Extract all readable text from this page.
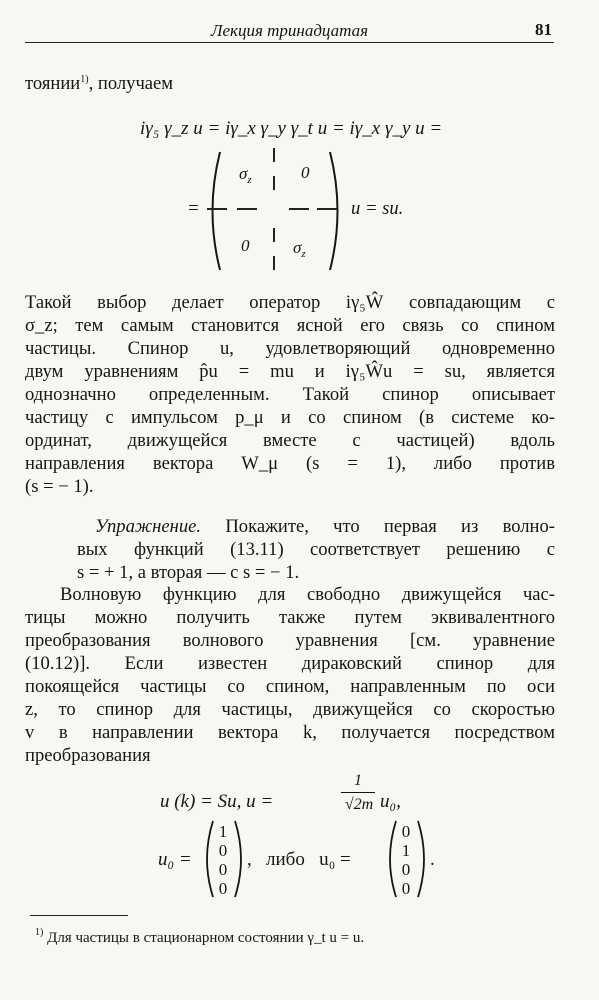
Лекция тринадцатая	81
тоянии$^{1)}$, получаем
iγ₅ γ_z u = iγ_x γ_y γ_t u = iγ_x γ_y u =
=
$\sigma_z$	0
0	$\sigma_z$
u = su.
Такой выбор делает оператор iγ₅Ŵ совпадающим с
σ_z; тем самым становится ясной его связь со спином
частицы. Спинор u, удовлетворяющий одновременно
двум уравнениям p̂u = mu и iγ₅Ŵu = su, является
однозначно определенным. Такой спинор описывает
частицу с импульсом p_μ и со спином (в системе ко-
ординат, движущейся вместе с частицей) вдоль
направления вектора W_μ (s = 1), либо против
(s = − 1).
Упражнение. Покажите, что первая из волно-
вых функций (13.11) соответствует решению с
s = + 1, а вторая — с s = − 1.
Волновую функцию для свободно движущейся час-
тицы можно получить также путем эквивалентного
преобразования волнового уравнения [см. уравнение
(10.12)]. Если известен дираковский спинор для
покоящейся частицы со спином, направленным по оси
z, то спинор для частицы, движущейся со скоростью
v в направлении вектора k, получается посредством
преобразования
u (k) = Su, u =
1
√2m u₀,
u₀ =
1
0
0
0
,   либо   u₀ =
0
1
0
0
.
$^{1)}$ Для частицы в стационарном состоянии γ_t u = u.
